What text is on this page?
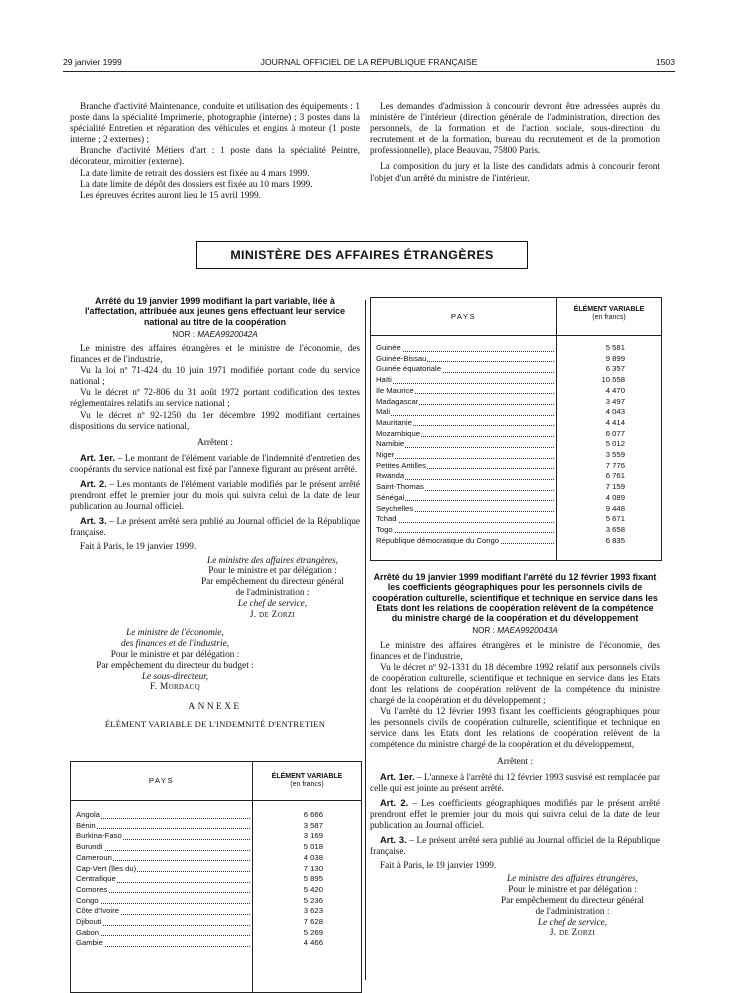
29 janvier 1999	JOURNAL OFFICIEL DE LA RÉPUBLIQUE FRANÇAISE	1503

Branche d'activité Maintenance, conduite et utilisation des équipements : 1 poste dans la spécialité Imprimerie, photographie (interne) ; 3 postes dans la spécialité Entretien et réparation des véhicules et engins à moteur (1 poste interne ; 2 externes) ;

Branche d'activité Métiers d'art : 1 poste dans la spécialité Peintre, décorateur, miroitier (externe).

La date limite de retrait des dossiers est fixée au 4 mars 1999.

La date limite de dépôt des dossiers est fixée au 10 mars 1999.

Les épreuves écrites auront lieu le 15 avril 1999.

Les demandes d'admission à concourir devront être adressées auprès du ministère de l'intérieur (direction générale de l'administration, direction des personnels, de la formation et de l'action sociale, sous-direction du recrutement et de la formation, bureau du recrutement et de la promotion professionnelle), place Beauvau, 75800 Paris.

La composition du jury et la liste des candidats admis à concourir feront l'objet d'un arrêté du ministre de l'intérieur.

MINISTÈRE DES AFFAIRES ÉTRANGÈRES
Arrêté du 19 janvier 1999 modifiant la part variable, liée à l'affectation, attribuée aux jeunes gens effectuant leur service national au titre de la coopération
NOR : MAEA9920042A

Le ministre des affaires étrangères et le ministre de l'économie, des finances et de l'industrie,

Vu la loi nº 71-424 du 10 juin 1971 modifiée portant code du service national ;

Vu le décret nº 72-806 du 31 août 1972 portant codification des textes réglementaires relatifs au service national ;

Vu le décret nº 92-1250 du 1er décembre 1992 modifiant certaines dispositions du service national,

Arrêtent :

Art. 1er. – Le montant de l'élément variable de l'indemnité d'entretien des coopérants du service national est fixé par l'annexe figurant au présent arrêté.

Art. 2. – Les montants de l'élément variable modifiés par le présent arrêté prendront effet le premier jour du mois qui suivra celui de la date de leur publication au Journal officiel.

Art. 3. – Le présent arrêté sera publié au Journal officiel de la République française.

Fait à Paris, le 19 janvier 1999.

Le ministre des affaires étrangères,
Pour le ministre et par délégation :
Par empêchement du directeur général
de l'administration :
Le chef de service,
J. de Zorzi
Le ministre de l'économie,
des finances et de l'industrie,
Pour le ministre et par délégation :
Par empêchement du directeur du budget :
Le sous-directeur,
F. Mordacq
ANNEXE
ÉLÉMENT VARIABLE DE L'INDEMNITÉ D'ENTRETIEN
PAYS	ÉLÉMENT VARIABLE
(en francs)
Angola	6 666
Bénin	3 587
Burkina-Faso	3 169
Burundi	5 018
Cameroun	4 038
Cap-Vert (îles du)	7 130
Centrafique	5 895
Comores	5 420
Congo	5 236
Côte d'Ivoire	3 623
Djibouti	7 628
Gabon	5 269
Gambie	4 466
PAYS
ÉLÉMENT VARIABLE
(en francs)
Guinée	5 581
Guinée-Bissau	9 899
Guinée équatoriale	6 357
Haïti	10 558
Ile Maurice	4 470
Madagascar	3 497
Mali	4 043
Mauritanie	4 414
Mozambique	6 077
Namibie	5 012
Niger	3 559
Petites Antilles	7 776
Rwanda	6 761
Saint-Thomas	7 159
Sénégal	4 089
Seychelles	9 448
Tchad	5 671
Togo	3 658
République démocratique du Congo	6 835
Arrêté du 19 janvier 1999 modifiant l'arrêté du 12 février 1993 fixant les coefficients géographiques pour les personnels civils de coopération culturelle, scientifique et technique en service dans les Etats dont les relations de coopération relèvent de la compétence du ministre chargé de la coopération et du développement
NOR : MAEA9920043A

Le ministre des affaires étrangères et le ministre de l'économie, des finances et de l'industrie,

Vu le décret nº 92-1331 du 18 décembre 1992 relatif aux personnels civils de coopération culturelle, scientifique et technique en service dans les Etats dont les relations de coopération relèvent de la compétence du ministre chargé de la coopération et du développement ;

Vu l'arrêté du 12 février 1993 fixant les coefficients géographiques pour les personnels civils de coopération culturelle, scientifique et technique en service dans les Etats dont les relations de coopération relèvent de la compétence du ministre chargé de la coopération et du développement,

Arrêtent :

Art. 1er. – L'annexe à l'arrêté du 12 février 1993 susvisé est remplacée par celle qui est jointe au présent arrêté.

Art. 2. – Les coefficients géographiques modifiés par le présent arrêté prendront effet le premier jour du mois qui suivra celui de la date de leur publication au Journal officiel.

Art. 3. – Le présent arrêté sera publié au Journal officiel de la République française.

Fait à Paris, le 19 janvier 1999.

Le ministre des affaires étrangères,
Pour le ministre et par délégation :
Par empêchement du directeur général
de l'administration :
Le chef de service,
J. de Zorzi
